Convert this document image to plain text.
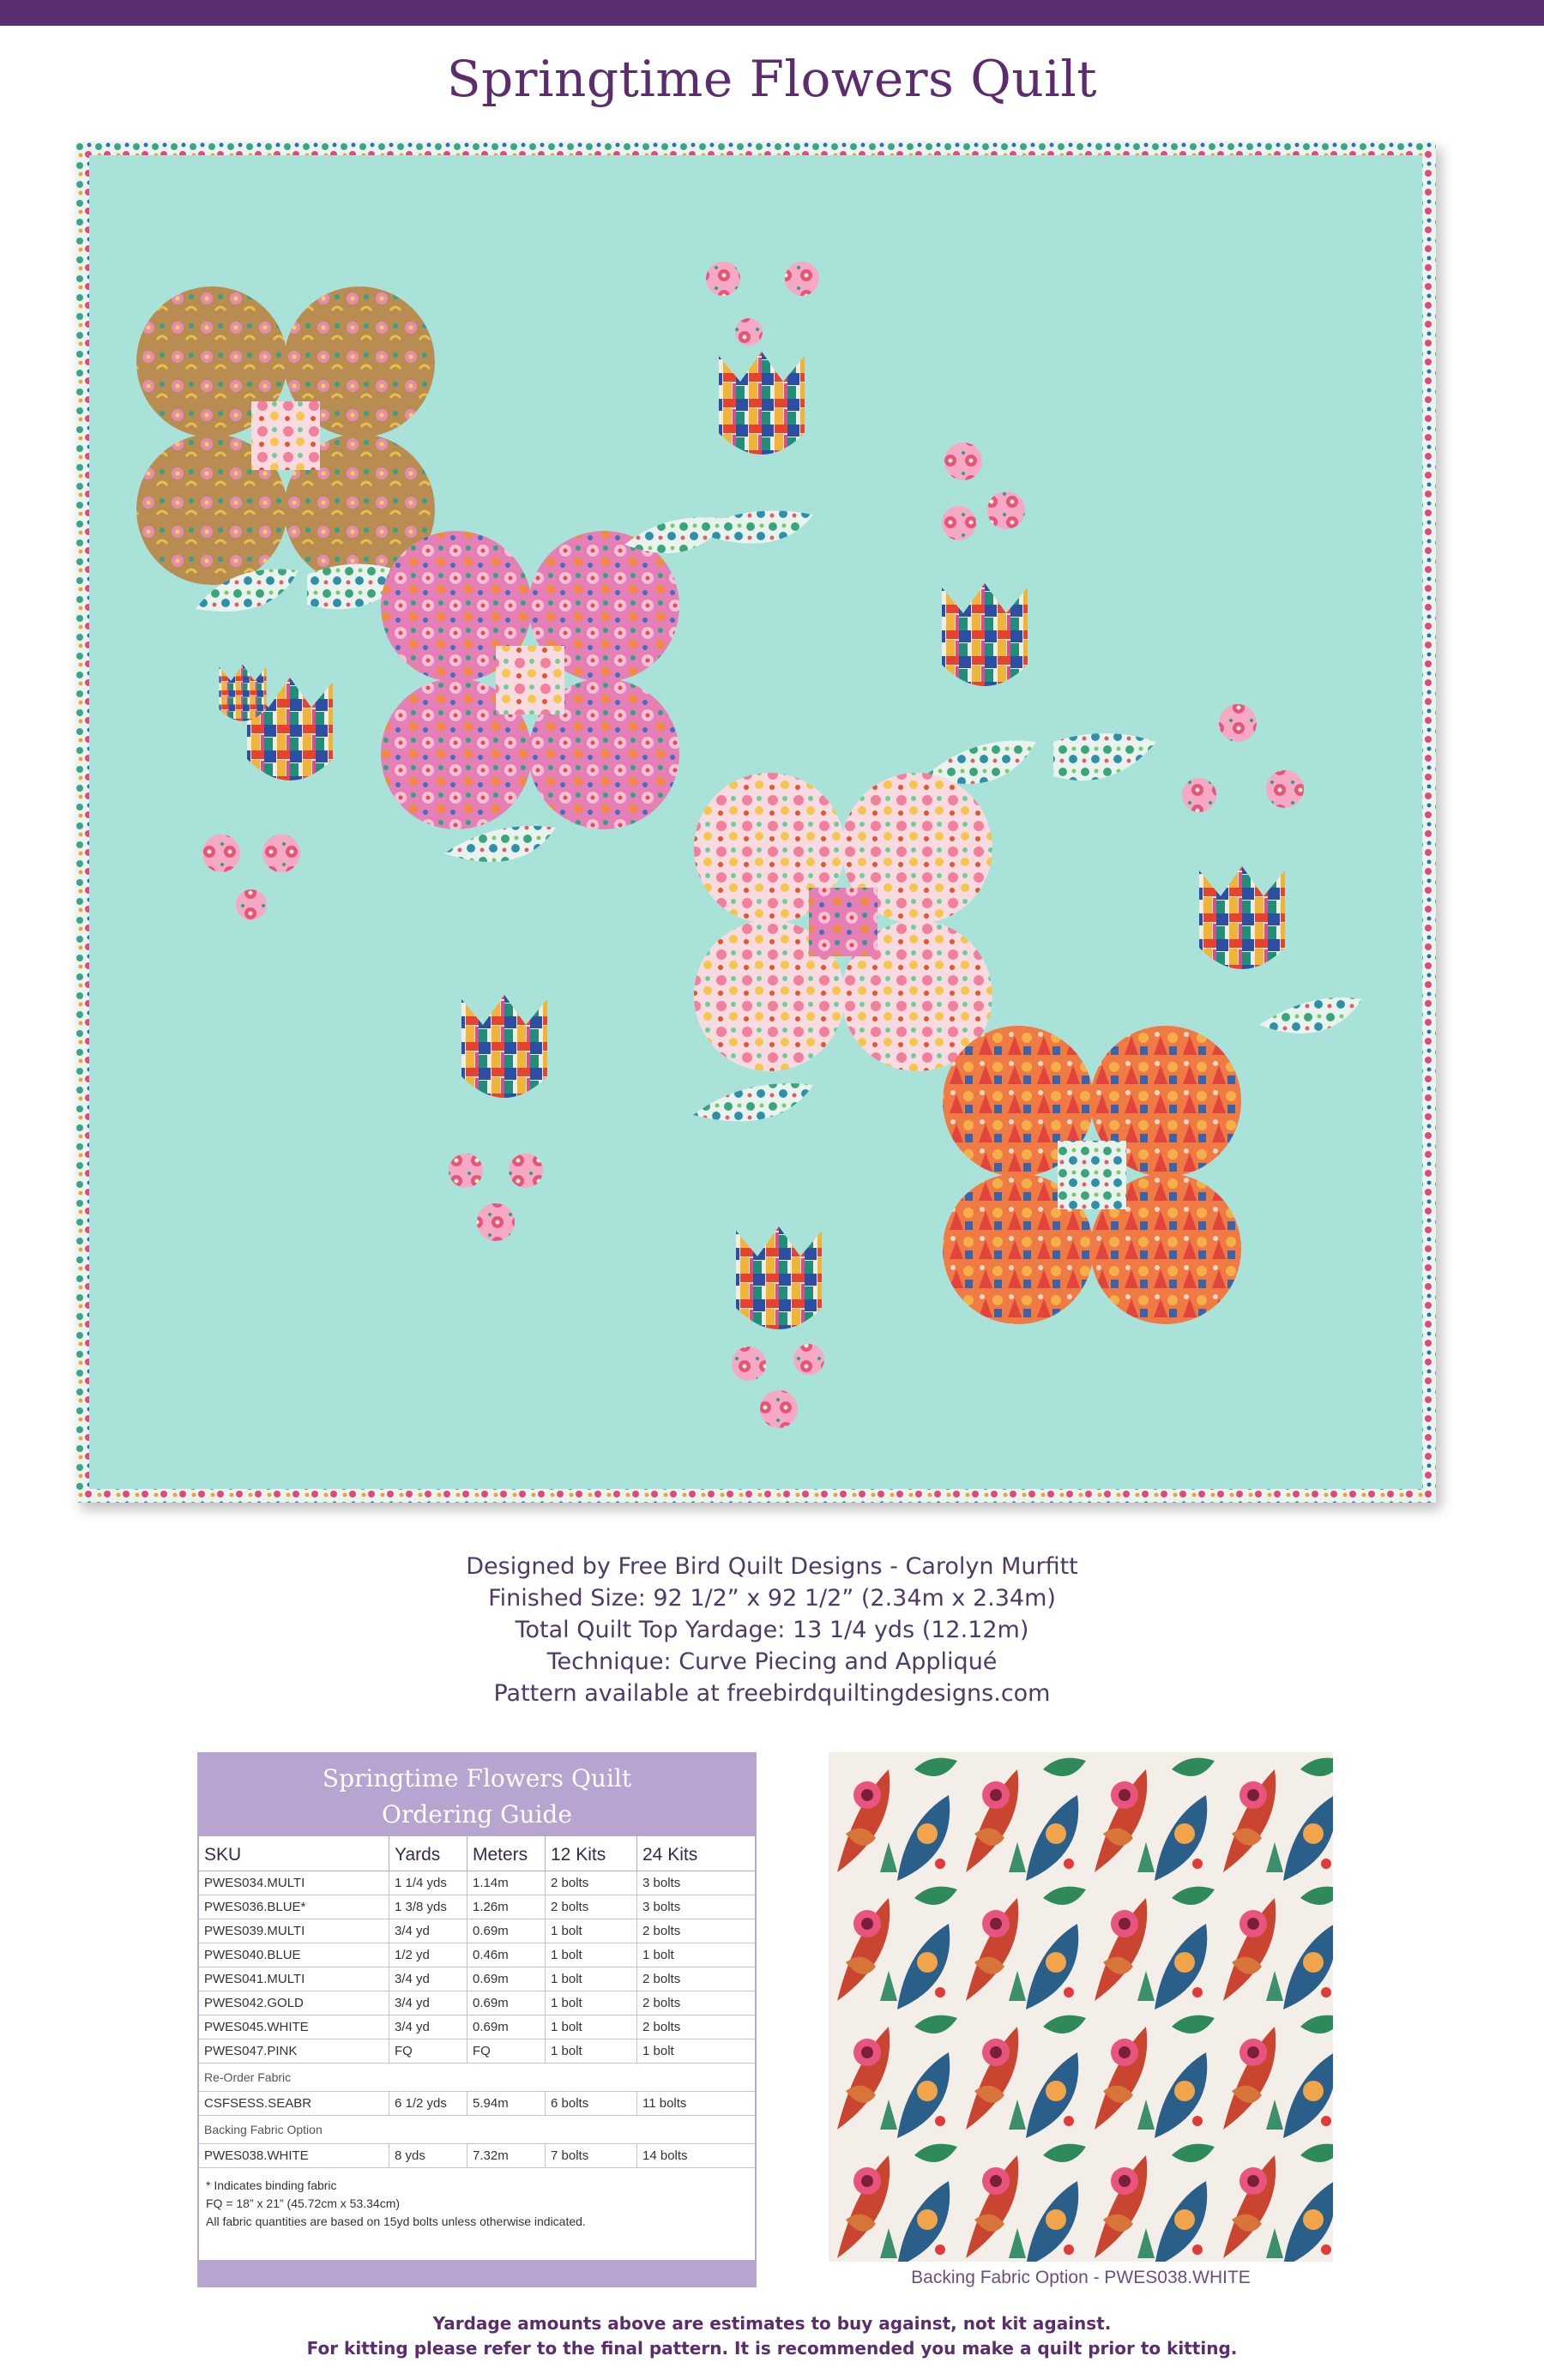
Springtime Flowers Quilt
Designed by Free Bird Quilt Designs - Carolyn Murfitt
Finished Size: 92 1/2” x 92 1/2” (2.34m x 2.34m)
Total Quilt Top Yardage: 13 1/4 yds (12.12m)
Technique: Curve Piecing and Appliqué
Pattern available at freebirdquiltingdesigns.com
Springtime Flowers Quilt
Ordering Guide
SKU	Yards	Meters	12 Kits	24 Kits
PWES034.MULTI	1 1/4 yds	1.14m	2 bolts	3 bolts
PWES036.BLUE*	1 3/8 yds	1.26m	2 bolts	3 bolts
PWES039.MULTI	3/4 yd	0.69m	1 bolt	2 bolts
PWES040.BLUE	1/2 yd	0.46m	1 bolt	1 bolt
PWES041.MULTI	3/4 yd	0.69m	1 bolt	2 bolts
PWES042.GOLD	3/4 yd	0.69m	1 bolt	2 bolts
PWES045.WHITE	3/4 yd	0.69m	1 bolt	2 bolts
PWES047.PINK	FQ	FQ	1 bolt	1 bolt
Re-Order Fabric				
CSFSESS.SEABR	6 1/2 yds	5.94m	6 bolts	11 bolts
Backing Fabric Option				
PWES038.WHITE	8 yds	7.32m	7 bolts	14 bolts
* Indicates binding fabric
FQ = 18” x 21” (45.72cm x 53.34cm)
All fabric quantities are based on 15yd bolts unless otherwise indicated.
Backing Fabric Option - PWES038.WHITE
Yardage amounts above are estimates to buy against, not kit against.
For kitting please refer to the final pattern. It is recommended you make a quilt prior to kitting.
